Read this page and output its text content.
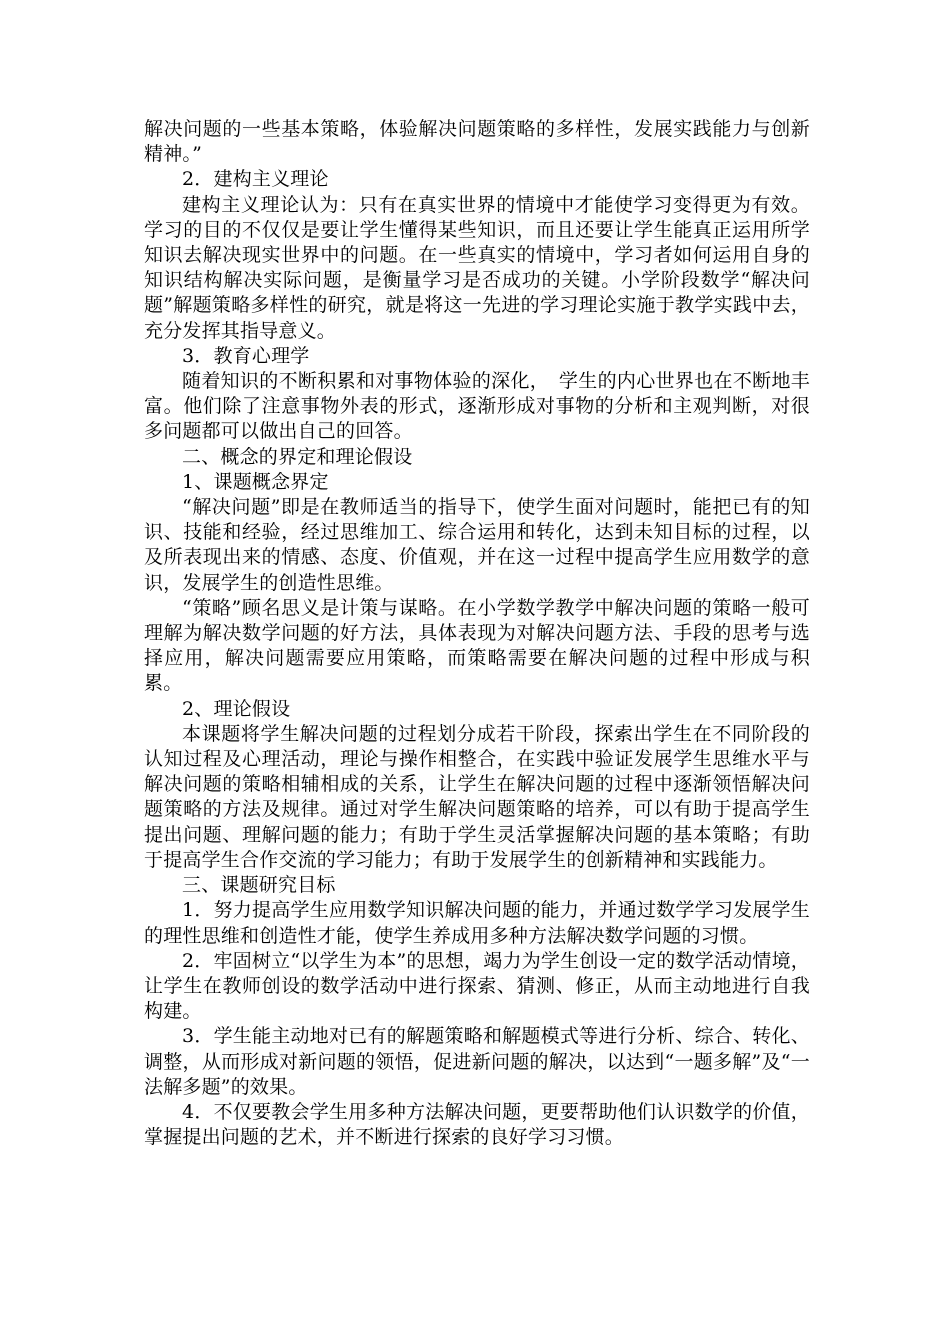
解决问题的一些基本策略，体验解决问题策略的多样性，发展实践能力与创新精神。”

2．建构主义理论

建构主义理论认为：只有在真实世界的情境中才能使学习变得更为有效。学习的目的不仅仅是要让学生懂得某些知识，而且还要让学生能真正运用所学知识去解决现实世界中的问题。在一些真实的情境中，学习者如何运用自身的知识结构解决实际问题，是衡量学习是否成功的关键。小学阶段数学“解决问题”解题策略多样性的研究，就是将这一先进的学习理论实施于教学实践中去，充分发挥其指导意义。

3．教育心理学

随着知识的不断积累和对事物体验的深化，　学生的内心世界也在不断地丰富。他们除了注意事物外表的形式，逐渐形成对事物的分析和主观判断，对很多问题都可以做出自己的回答。

二、概念的界定和理论假设

1、课题概念界定

“解决问题”即是在教师适当的指导下，使学生面对问题时，能把已有的知识、技能和经验，经过思维加工、综合运用和转化，达到未知目标的过程，以及所表现出来的情感、态度、价值观，并在这一过程中提高学生应用数学的意识，发展学生的创造性思维。

“策略”顾名思义是计策与谋略。在小学数学教学中解决问题的策略一般可理解为解决数学问题的好方法，具体表现为对解决问题方法、手段的思考与选择应用，解决问题需要应用策略，而策略需要在解决问题的过程中形成与积累。

2、理论假设

本课题将学生解决问题的过程划分成若干阶段，探索出学生在不同阶段的认知过程及心理活动，理论与操作相整合，在实践中验证发展学生思维水平与解决问题的策略相辅相成的关系，让学生在解决问题的过程中逐渐领悟解决问题策略的方法及规律。通过对学生解决问题策略的培养，可以有助于提高学生提出问题、理解问题的能力；有助于学生灵活掌握解决问题的基本策略；有助于提高学生合作交流的学习能力；有助于发展学生的创新精神和实践能力。

三、课题研究目标

1．努力提高学生应用数学知识解决问题的能力，并通过数学学习发展学生的理性思维和创造性才能，使学生养成用多种方法解决数学问题的习惯。

2．牢固树立“以学生为本”的思想，竭力为学生创设一定的数学活动情境，让学生在教师创设的数学活动中进行探索、猜测、修正，从而主动地进行自我构建。

3．学生能主动地对已有的解题策略和解题模式等进行分析、综合、转化、调整，从而形成对新问题的领悟，促进新问题的解决，以达到“一题多解”及“一法解多题”的效果。

4．不仅要教会学生用多种方法解决问题，更要帮助他们认识数学的价值，掌握提出问题的艺术，并不断进行探索的良好学习习惯。
